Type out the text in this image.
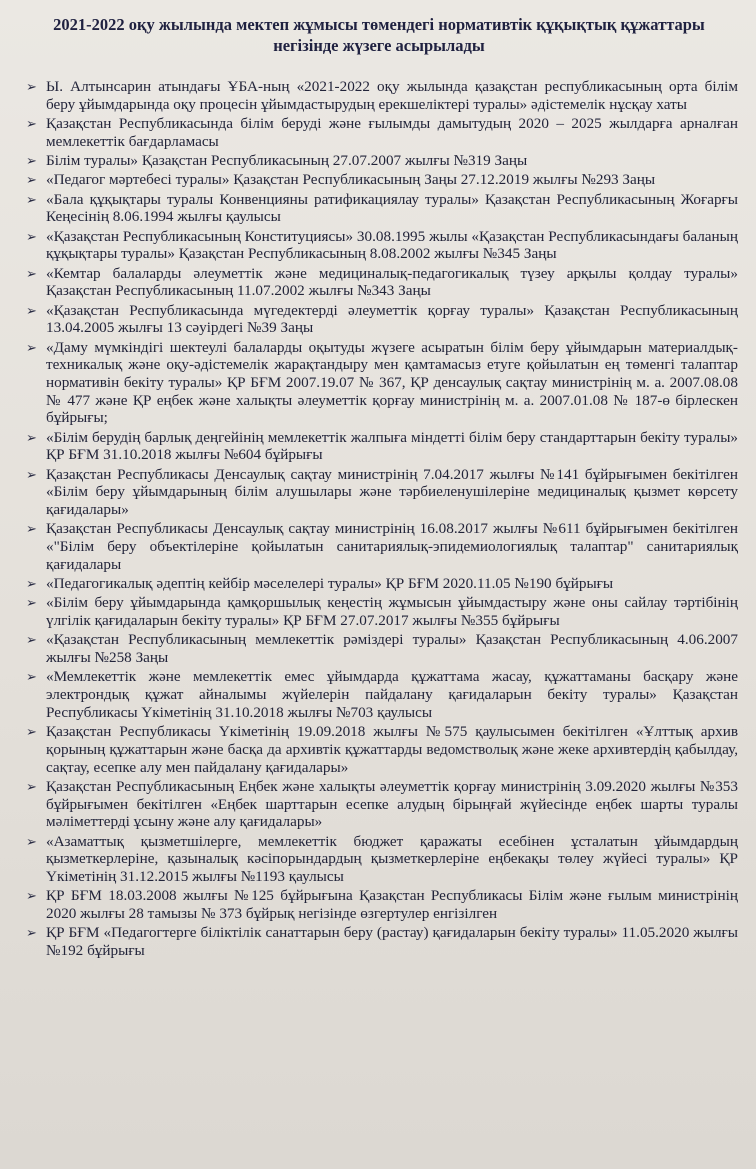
2021-2022 оқу жылында мектеп жұмысы төмендегі нормативтік құқықтық құжаттары негізінде жүзеге асырылады
➢ Ы. Алтынсарин атындағы ҰБА-ның «2021-2022 оқу жылында қазақстан республикасының орта білім беру ұйымдарында оқу процесін ұйымдастырудың ерекшеліктері туралы» әдістемелік нұсқау хаты
➢ Қазақстан Республикасында білім беруді және ғылымды дамытудың 2020 – 2025 жылдарға арналған мемлекеттік бағдарламасы
➢ Білім туралы» Қазақстан Республикасының 27.07.2007 жылғы №319 Заңы
➢ «Педагог мәртебесі туралы» Қазақстан Республикасының Заңы 27.12.2019 жылғы №293 Заңы
➢ «Бала құқықтары туралы Конвенцияны ратификациялау туралы» Қазақстан Республикасының Жоғарғы Кеңесінің 8.06.1994 жылғы қаулысы
➢ «Қазақстан Республикасының Конституциясы» 30.08.1995 жылы «Қазақстан Республикасындағы баланың құқықтары туралы» Қазақстан Республикасының 8.08.2002 жылғы №345 Заңы
➢ «Кемтар балаларды әлеуметтік және медициналық-педагогикалық түзеу арқылы қолдау туралы» Қазақстан Республикасының 11.07.2002 жылғы №343 Заңы
➢ «Қазақстан Республикасында мүгедектерді әлеуметтік қорғау туралы» Қазақстан Республикасының 13.04.2005 жылғы 13 сәуірдегі №39 Заңы
➢ «Даму мүмкіндігі шектеулі балаларды оқытуды жүзеге асыратын білім беру ұйымдарын материалдық-техникалық және оқу-әдістемелік жарақтандыру мен қамтамасыз етуге қойылатын ең төменгі талаптар нормативін бекіту туралы» ҚР БҒМ 2007.19.07 № 367, ҚР денсаулық сақтау министрінің м. а. 2007.08.08 № 477 және ҚР еңбек және халықты әлеуметтік қорғау министрінің м. а. 2007.01.08 № 187-ө бірлескен бұйрығы;
➢ «Білім берудің барлық деңгейінің мемлекеттік жалпыға міндетті білім беру стандарттарын бекіту туралы» ҚР БҒМ 31.10.2018 жылғы №604 бұйрығы
➢ Қазақстан Республикасы Денсаулық сақтау министрінің 7.04.2017 жылғы №141 бұйрығымен бекітілген «Білім беру ұйымдарының білім алушылары және тәрбиеленушілеріне медициналық қызмет көрсету қағидалары»
➢ Қазақстан Республикасы Денсаулық сақтау министрінің 16.08.2017 жылғы №611 бұйрығымен бекітілген «"Білім беру объектілеріне қойылатын санитариялық-эпидемиологиялық талаптар" санитариялық қағидалары
➢ «Педагогикалық әдептің кейбір мәселелері туралы» ҚР БҒМ 2020.11.05 №190 бұйрығы
➢ «Білім беру ұйымдарында қамқоршылық кеңестің жұмысын ұйымдастыру және оны сайлау тәртібінің үлгілік қағидаларын бекіту туралы» ҚР БҒМ 27.07.2017 жылғы №355 бұйрығы
➢ «Қазақстан Республикасының мемлекеттік рәміздері туралы» Қазақстан Республикасының 4.06.2007 жылғы №258 Заңы
➢ «Мемлекеттік және мемлекеттік емес ұйымдарда құжаттама жасау, құжаттаманы басқару және электрондық құжат айналымы жүйелерін пайдалану қағидаларын бекіту туралы» Қазақстан Республикасы Үкіметінің 31.10.2018 жылғы №703 қаулысы
➢ Қазақстан Республикасы Үкіметінің 19.09.2018 жылғы №575 қаулысымен бекітілген «Ұлттық архив қорының құжаттарын және басқа да архивтік құжаттарды ведомстволық және жеке архивтердің қабылдау, сақтау, есепке алу мен пайдалану қағидалары»
➢ Қазақстан Республикасының Еңбек және халықты әлеуметтік қорғау министрінің 3.09.2020 жылғы №353 бұйрығымен бекітілген «Еңбек шарттарын есепке алудың бірыңғай жүйесінде еңбек шарты туралы мәліметтерді ұсыну және алу қағидалары»
➢ «Азаматтық қызметшілерге, мемлекеттік бюджет қаражаты есебінен ұсталатын ұйымдардың қызметкерлеріне, қазыналық кәсіпорындардың қызметкерлеріне еңбекақы төлеу жүйесі туралы» ҚР Үкіметінің 31.12.2015 жылғы №1193 қаулысы
➢ ҚР БҒМ 18.03.2008 жылғы №125 бұйрығына Қазақстан Республикасы Білім және ғылым министрінің 2020 жылғы 28 тамызы № 373 бұйрық негізінде өзгертулер енгізілген
➢ ҚР БҒМ «Педагогтерге біліктілік санаттарын беру (растау) қағидаларын бекіту туралы» 11.05.2020 жылғы №192 бұйрығы
